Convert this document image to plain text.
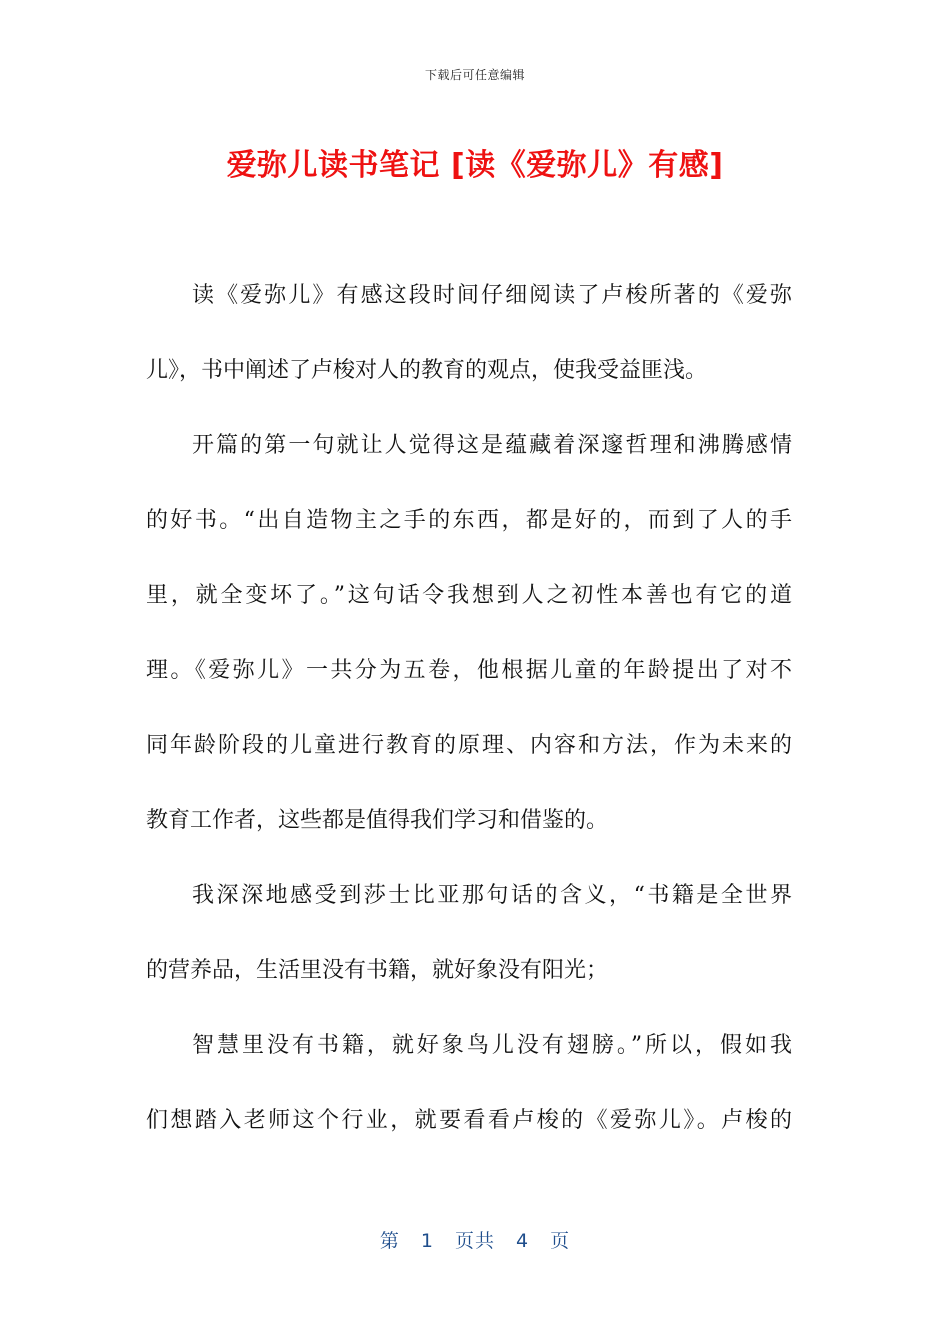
下载后可任意编辑
爱弥儿读书笔记 [读《爱弥儿》有感]
读《爱弥儿》有感这段时间仔细阅读了卢梭所著的《爱弥
儿》，书中阐述了卢梭对人的教育的观点，使我受益匪浅。
开篇的第一句就让人觉得这是蕴藏着深邃哲理和沸腾感情
的好书。“出自造物主之手的东西，都是好的，而到了人的手
里，就全变坏了。”这句话令我想到人之初性本善也有它的道
理。《爱弥儿》一共分为五卷，他根据儿童的年龄提出了对不
同年龄阶段的儿童进行教育的原理、内容和方法，作为未来的
教育工作者，这些都是值得我们学习和借鉴的。
我深深地感受到莎士比亚那句话的含义，“书籍是全世界
的营养品，生活里没有书籍，就好象没有阳光；
智慧里没有书籍，就好象鸟儿没有翅膀。”所以，假如我
们想踏入老师这个行业，就要看看卢梭的《爱弥儿》。卢梭的
第 1 页共 4 页
